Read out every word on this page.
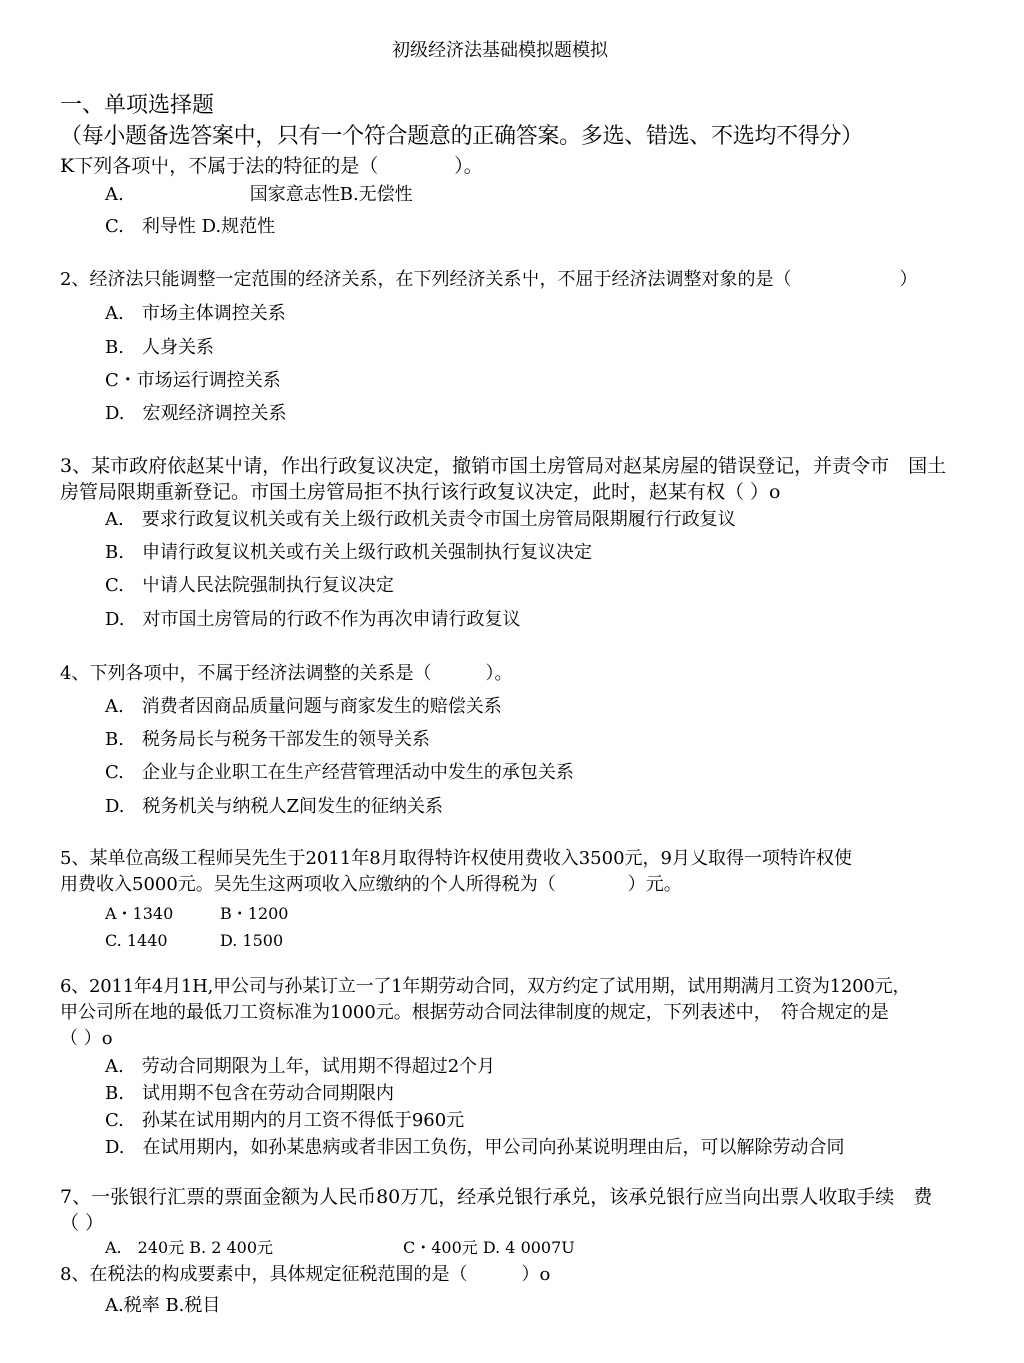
初级经济法基础模拟题模拟
一、单项选择题
（每小题备选答案中，只有一个符合题意的正确答案。多选、错选、不选均不得分）
K下列各项屮，不属于法的特征的是（　　　　）。
A.　　　　　　　国家意志性B.无偿性
C.　利导性 D.规范性
2、经济法只能调整一定范围的经济关系，在下列经济关系屮，不屈于经济法调整对象的是（　　　　　　）
A.　市场主体调控关系
B.　人身关系
C・市场运行调控关系
D.　宏观经济调控关系
3、某市政府依赵某屮请，作出行政复议决定，撤销市国土房管局对赵某房屋的错误登记，并责令市　国土
房管局限期重新登记。市国土房管局拒不执行该行政复议决定，此时，赵某有权（ ）o
A.　要求行政复议机关或有关上级行政机关责令市国土房管局限期履行行政复议
B.　申请行政复议机关或冇关上级行政机关强制执行复议决定
C.　屮请人民法院强制执行复议决定
D.　对市国土房管局的行政不作为再次申请行政复议
4、下列各项中，不属于经济法调整的关系是（　　　）。
A.　消费者因商品质量问题与商家发生的赔偿关系
B.　税务局长与税务干部发生的领导关系
C.　企业与企业职工在生产经营管理活动中发生的承包关系
D.　税务机关与纳税人Z间发生的征纳关系
5、某单位高级工程师吴先生于2011年8月取得特许权使用费收入3500元，9月乂取得一项特许权使
用费收入5000元。吴先生这两项收入应缴纳的个人所得税为（　　　　）元。
A・1340	B・1200
C. 1440	D. 1500
6、2011年4月1H,甲公司与孙某订立一了1年期劳动合同，双方约定了试用期，试用期满月工资为1200元，
甲公司所在地的最低刀工资标准为1000元。根据劳动合同法律制度的规定，下列表述中，　符合规定的是
（ ）o
A.　劳动合同期限为丄年，试用期不得超过2个月
B.　试用期不包含在劳动合同期限内
C.　孙某在试用期内的月工资不得低于960元
D.　在试用期内，如孙某患病或者非因工负伤，甲公司向孙某说明理由后，可以解除劳动合同
7、一张银行汇票的票面金额为人民币80万兀，经承兑银行承兑，该承兑银行应当向出票人收取手续　费
（ ）
A.　240元 B. 2 400元	C・400元 D. 4 0007U
8、在税法的构成要素中，具体规定征税范围的是（　　　）o
A.税率 B.税目
